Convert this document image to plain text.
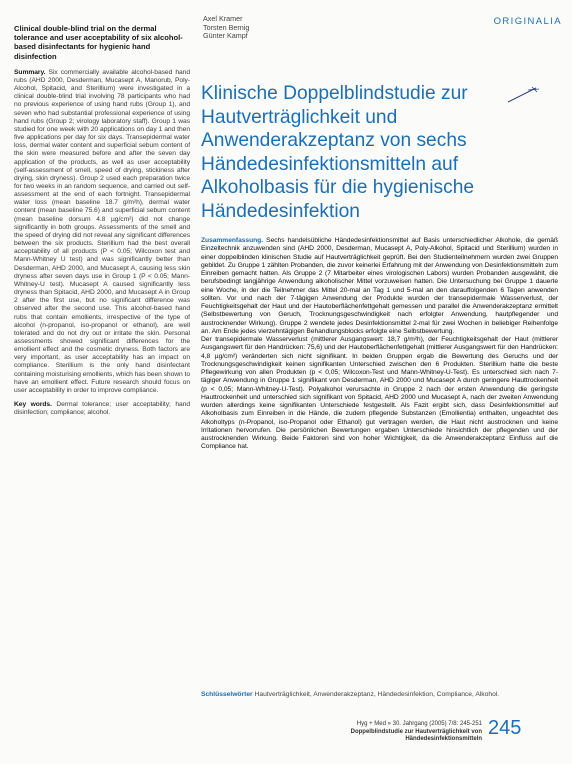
Clinical double-blind trial on the dermal tolerance and user acceptability of six alcohol-based disinfectants for hygienic hand disinfection

Summary. Six commercially available alcohol-based hand rubs (AHD 2000, Desderman, Mucasept A, Manorub, Poly-Alcohol, Spitacid, and Sterillium) were investigated in a clinical double-blind trial involving 78 participants who had no previous experience of using hand rubs (Group 1), and seven who had substantial professional experience of using hand rubs (Group 2; virology laboratory staff). Group 1 was studied for one week with 20 applications on day 1 and then five applications per day for six days. Transepidermal water loss, dermal water content and superficial sebum content of the skin were measured before and after the seven day application of the products, as well as user acceptability (self-assessment of smell, speed of drying, stickiness after drying, skin dryness). Group 2 used each preparation twice for two weeks in an random sequence, and carried out self-assessment at the end of each fortnight. Transepidermal water loss (mean baseline 18.7 g/m²h), dermal water content (mean baseline 75.6) and superficial sebum content (mean baseline dorsum 4.8 µg/cm²) did not change significantly in both groups. Assessments of the smell and the speed of drying did not reveal any significant differences between the six products. Sterillium had the best overall acceptability of all products (P < 0.05; Wilcoxon test and Mann-Whitney U test) and was significantly better than Desderman, AHD 2000, and Mucasept A, causing less skin dryness after seven days use in Group 1 (P < 0.05; Mann-Whitney-U test). Mucasept A caused significantly less dryness than Spitacid, AHD 2000, and Mucasept A in Group 2 after the first use, but no significant difference was observed after the second use. This alcohol-based hand rubs that contain emollients, irrespective of the type of alcohol (n-propanol, iso-propanol or ethanol), are well tolerated and do not dry out or irritate the skin. Personal assessments showed significant differences for the emollient effect and the cosmetic dryness. Both factors are very important, as user acceptability has an impact on compliance. Sterillium is the only hand disinfectant containing moisturising emollients, which has been shown to have an emollient effect. Future research should focus on user acceptability in order to improve compliance.

Key words. Dermal tolerance; user acceptability; hand disinfection; compliance; alcohol.

Axel Kramer
Torsten Bernig
Günter Kampf
ORIGINALIA
Klinische Doppelblindstudie zur Hautverträglichkeit und Anwenderakzeptanz von sechs Händedesinfektionsmitteln auf Alkoholbasis für die hygienische Händedesinfektion

Zusammenfassung. Sechs handelsübliche Händedesinfektionsmittel auf Basis unterschiedlicher Alkohole, die gemäß Einzeltechnik anzuwenden sind (AHD 2000, Desderman, Mucasept A, Poly-Alkohol, Spitacid und Sterillium) wurden in einer doppelblinden klinischen Studie auf Hautverträglichkeit geprüft. Bei den Studienteilnehmern wurden zwei Gruppen gebildet. Zu Gruppe 1 zählten Probanden, die zuvor keinerlei Erfahrung mit der Anwendung von Desinfektionsmitteln zum Einreiben gemacht hatten. Als Gruppe 2 (7 Mitarbeiter eines virologischen Labors) wurden Probanden ausgewählt, die berufsbedingt langjährige Anwendung alkoholischer Mittel vorzuweisen hatten. Die Untersuchung bei Gruppe 1 dauerte eine Woche, in der die Teilnehmer das Mittel 20-mal an Tag 1 und 5-mal an den darauffolgenden 6 Tagen anwenden sollten. Vor und nach der 7-tägigen Anwendung der Produkte wurden der transepidermale Wasserverlust, der Feuchtigkeitsgehalt der Haut und der Hautoberflächenfettgehalt gemessen und parallel die Anwenderakzeptanz ermittelt (Selbstbewertung von Geruch, Trocknungsgeschwindigkeit nach erfolgter Anwendung, hautpflegender und austrocknender Wirkung). Gruppe 2 wendete jedes Desinfektionsmittel 2-mal für zwei Wochen in beliebiger Reihenfolge an. Am Ende jedes vierzehntägigen Behandlungsblocks erfolgte eine Selbstbewertung.

Der transepidermale Wasserverlust (mittlerer Ausgangswert: 18,7 g/m²h), der Feuchtigkeitsgehalt der Haut (mittlerer Ausgangswert für den Handrücken: 75,6) und der Hautoberflächenfettgehalt (mittlerer Ausgangswert für den Handrücken: 4,8 µg/cm²) veränderten sich nicht signifikant. In beiden Gruppen ergab die Bewertung des Geruchs und der Trocknungsgeschwindigkeit keinen signifikanten Unterschied zwischen den 6 Produkten. Sterillium hatte die beste Pflegewirkung von allen Produkten (p < 0,05; Wilcoxon-Test und Mann-Whitney-U-Test). Es unterschied sich nach 7-tägiger Anwendung in Gruppe 1 signifikant von Desderman, AHD 2000 und Mucasept A durch geringere Hauttrockenheit (p < 0,05; Mann-Whitney-U-Test). Polyalkohol verursachte in Gruppe 2 nach der ersten Anwendung die geringste Hauttrockenheit und unterschied sich signifikant von Spitacid, AHD 2000 und Mucasept A, nach der zweiten Anwendung wurden allerdings keine signifikanten Unterschiede festgestellt. Als Fazit ergibt sich, dass Desinfektionsmittel auf Alkoholbasis zum Einreiben in die Hände, die zudem pflegende Substanzen (Emollientia) enthalten, ungeachtet des Alkoholtyps (n-Propanol, iso-Propanol oder Ethanol) gut vertragen werden, die Haut nicht austrocknen und keine Irritationen hervorrufen. Die persönlichen Bewertungen ergaben Unterschiede hinsichtlich der pflegenden und der austrocknenden Wirkung. Beide Faktoren sind von hoher Wichtigkeit, da die Anwenderakzeptanz Einfluss auf die Compliance hat.

Schlüsselwörter Hautverträglichkeit, Anwenderakzeptanz, Händedesinfektion, Compliance, Alkohol.

Hyg + Med » 30. Jahrgang (2005) 7/8: 245-251
Doppelblindstudie zur Hautverträglichkeit von Händedesinfektionsmitteln 245
